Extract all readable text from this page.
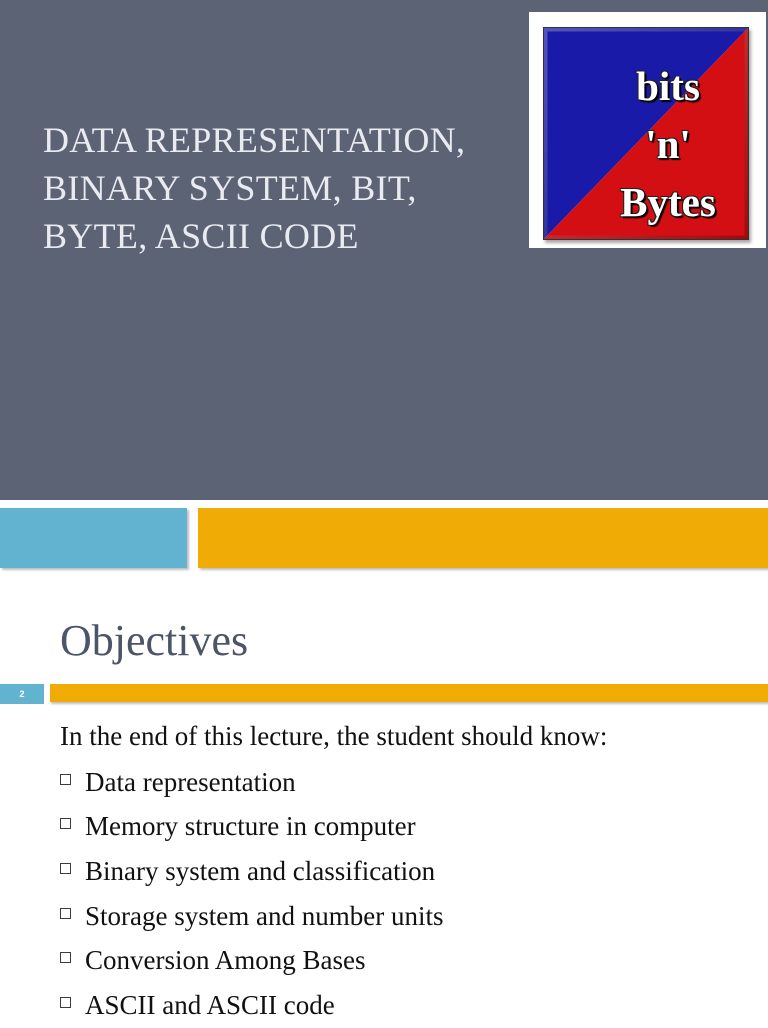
DATA REPRESENTATION, BINARY SYSTEM, BIT, BYTE, ASCII CODE
bits
'n'
Bytes
Objectives
2

In the end of this lecture, the student should know:

Data representation
Memory structure in computer
Binary system and classification
Storage system and number units
Conversion Among Bases
ASCII and ASCII code
